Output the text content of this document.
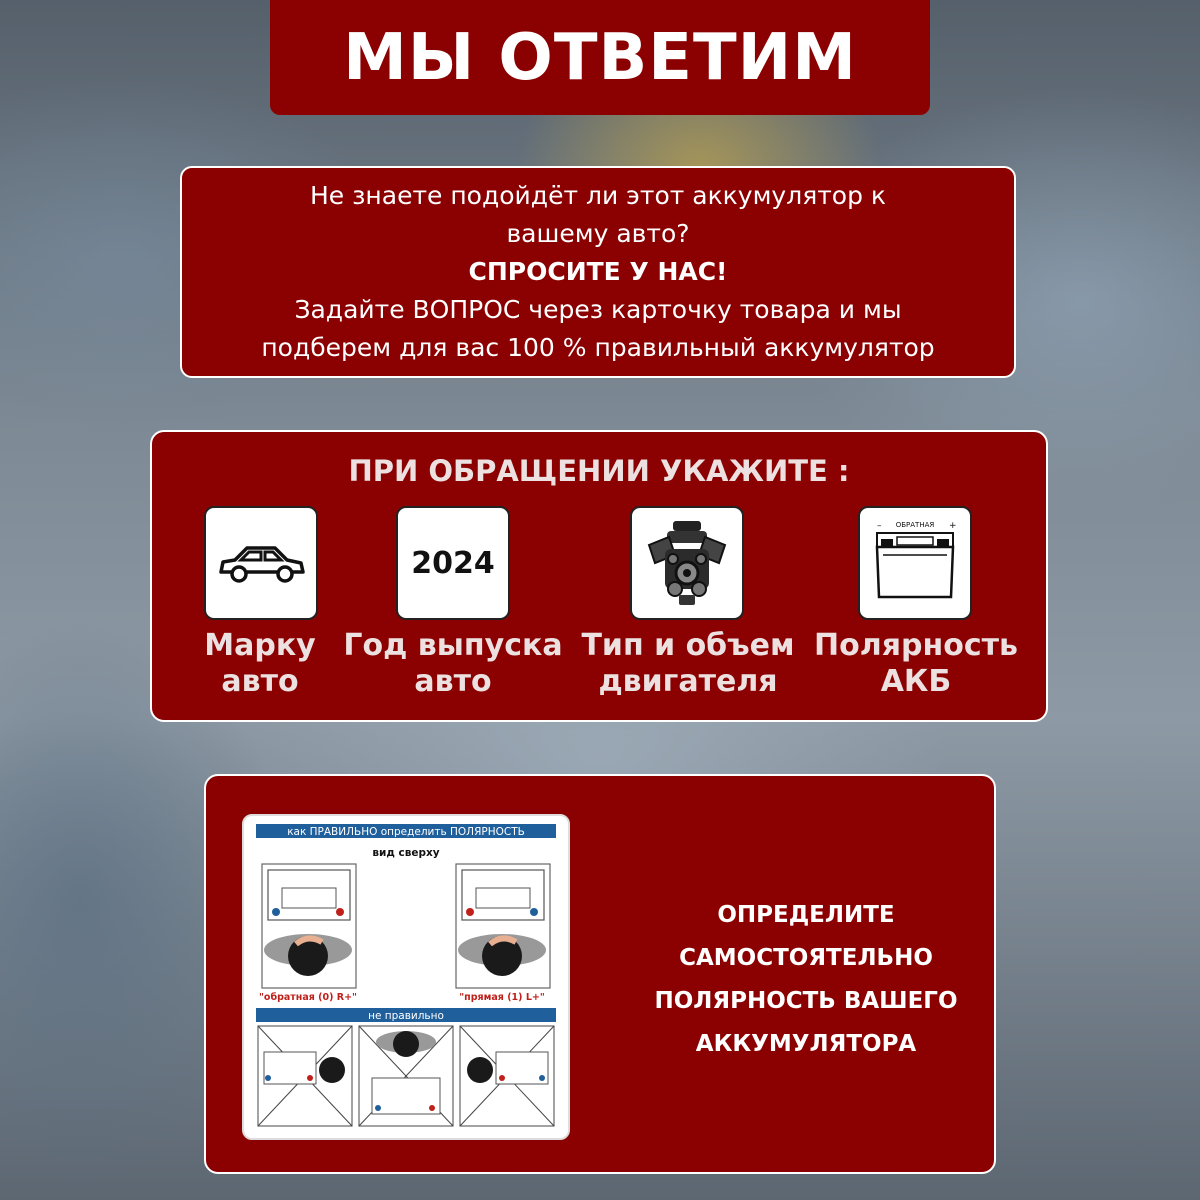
МЫ ОТВЕТИМ
Не знаете подойдёт ли этот аккумулятор к
вашему авто?
СПРОСИТЕ У НАС!
Задайте ВОПРОС через карточку товара и мы
подберем для вас 100 % правильный аккумулятор
ПРИ ОБРАЩЕНИИ УКАЖИТЕ :
Марку
авто
2024
Год выпуска
авто
Тип и объем
двигателя
ОБРАТНАЯ
–	+
Полярность
АКБ
как ПРАВИЛЬНО определить ПОЛЯРНОСТЬ
вид сверху
"обратная (0) R+"	"прямая (1) L+"
не правильно
ОПРЕДЕЛИТЕ
САМОСТОЯТЕЛЬНО
ПОЛЯРНОСТЬ ВАШЕГО
АККУМУЛЯТОРА
